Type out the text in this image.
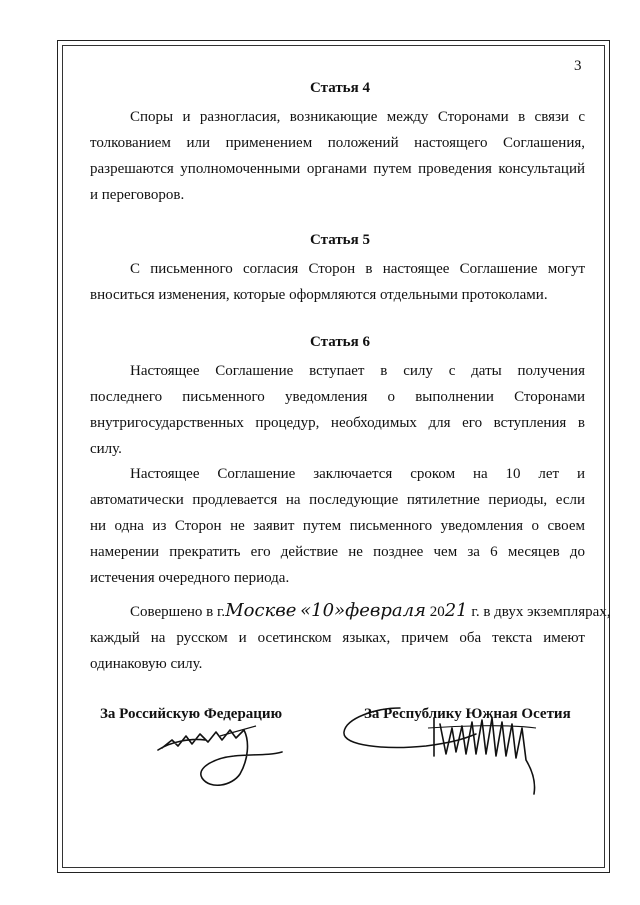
3
Статья 4
Споры и разногласия, возникающие между Сторонами в связи с
толкованием или применением положений настоящего Соглашения,
разрешаются уполномоченными органами путем проведения консультаций
и переговоров.
Статья 5
С письменного согласия Сторон в настоящее Соглашение могут
вноситься изменения, которые оформляются отдельными протоколами.
Статья 6
Настоящее Соглашение вступает в силу с даты получения
последнего письменного уведомления о выполнении Сторонами
внутригосударственных процедур, необходимых для его вступления в
силу.
Настоящее Соглашение заключается сроком на 10 лет и
автоматически продлевается на последующие пятилетние периоды, если
ни одна из Сторон не заявит путем письменного уведомления о своем
намерении прекратить его действие не позднее чем за 6 месяцев до
истечения очередного периода.
Совершено в г.Москве «10»февраля 2021 г. в двух экземплярах,
каждый на русском и осетинском языках, причем оба текста имеют
одинаковую силу.
За Российскую Федерацию	За Республику Южная Осетия
